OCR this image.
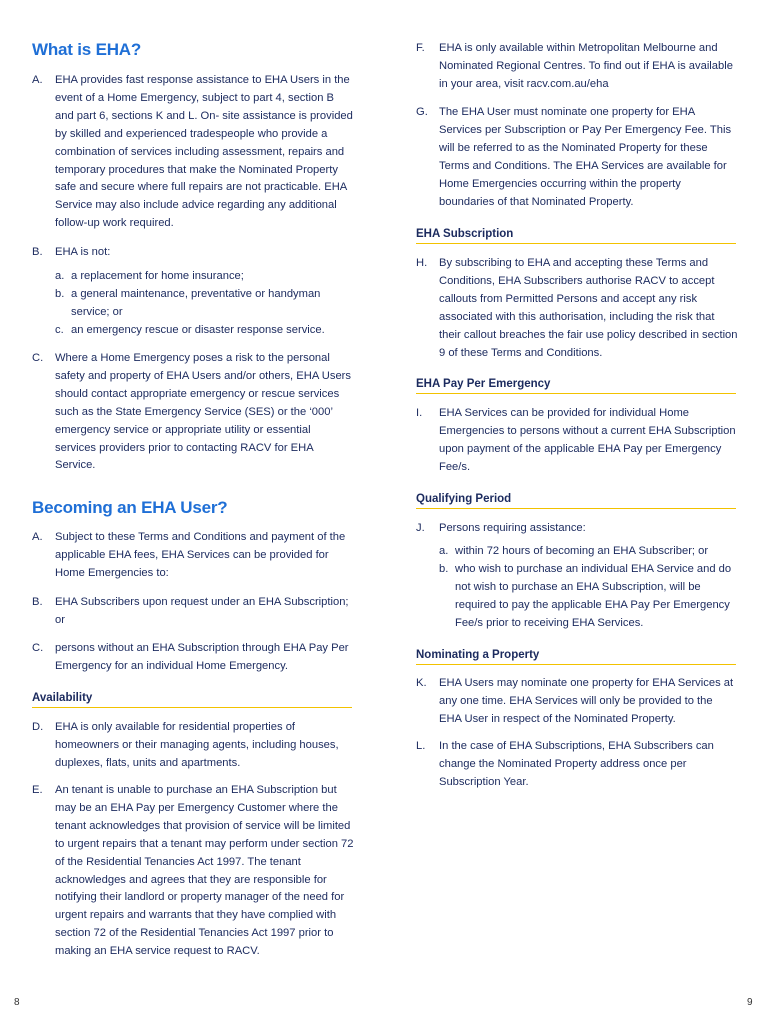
What is EHA?
A. EHA provides fast response assistance to EHA Users in the event of a Home Emergency, subject to part 4, section B and part 6, sections K and L. On- site assistance is provided by skilled and experienced tradespeople who provide a combination of services including assessment, repairs and temporary procedures that make the Nominated Property safe and secure where full repairs are not practicable. EHA Service may also include advice regarding any additional follow-up work required.
B. EHA is not:
a. a replacement for home insurance;
b. a general maintenance, preventative or handyman service; or
c. an emergency rescue or disaster response service.
C. Where a Home Emergency poses a risk to the personal safety and property of EHA Users and/or others, EHA Users should contact appropriate emergency or rescue services such as the State Emergency Service (SES) or the ‘000’ emergency service or appropriate utility or essential services providers prior to contacting RACV for EHA Service.
Becoming an EHA User?
A. Subject to these Terms and Conditions and payment of the applicable EHA fees, EHA Services can be provided for Home Emergencies to:
B. EHA Subscribers upon request under an EHA Subscription; or
C. persons without an EHA Subscription through EHA Pay Per Emergency for an individual Home Emergency.
Availability
D. EHA is only available for residential properties of homeowners or their managing agents, including houses, duplexes, flats, units and apartments.
E. An tenant is unable to purchase an EHA Subscription but may be an EHA Pay per Emergency Customer where the tenant acknowledges that provision of service will be limited to urgent repairs that a tenant may perform under section 72 of the Residential Tenancies Act 1997. The tenant acknowledges and agrees that they are responsible for notifying their landlord or property manager of the need for urgent repairs and warrants that they have complied with section 72 of the Residential Tenancies Act 1997 prior to making an EHA service request to RACV.
F. EHA is only available within Metropolitan Melbourne and Nominated Regional Centres. To find out if EHA is available in your area, visit racv.com.au/eha
G. The EHA User must nominate one property for EHA Services per Subscription or Pay Per Emergency Fee. This will be referred to as the Nominated Property for these Terms and Conditions. The EHA Services are available for Home Emergencies occurring within the property boundaries of that Nominated Property.
EHA Subscription
H. By subscribing to EHA and accepting these Terms and Conditions, EHA Subscribers authorise RACV to accept callouts from Permitted Persons and accept any risk associated with this authorisation, including the risk that their callout breaches the fair use policy described in section 9 of these Terms and Conditions.
EHA Pay Per Emergency
I. EHA Services can be provided for individual Home Emergencies to persons without a current EHA Subscription upon payment of the applicable EHA Pay per Emergency Fee/s.
Qualifying Period
J. Persons requiring assistance:
a. within 72 hours of becoming an EHA Subscriber; or
b. who wish to purchase an individual EHA Service and do not wish to purchase an EHA Subscription, will be required to pay the applicable EHA Pay Per Emergency Fee/s prior to receiving EHA Services.
Nominating a Property
K. EHA Users may nominate one property for EHA Services at any one time. EHA Services will only be provided to the EHA User in respect of the Nominated Property.
L. In the case of EHA Subscriptions, EHA Subscribers can change the Nominated Property address once per Subscription Year.
8	9
